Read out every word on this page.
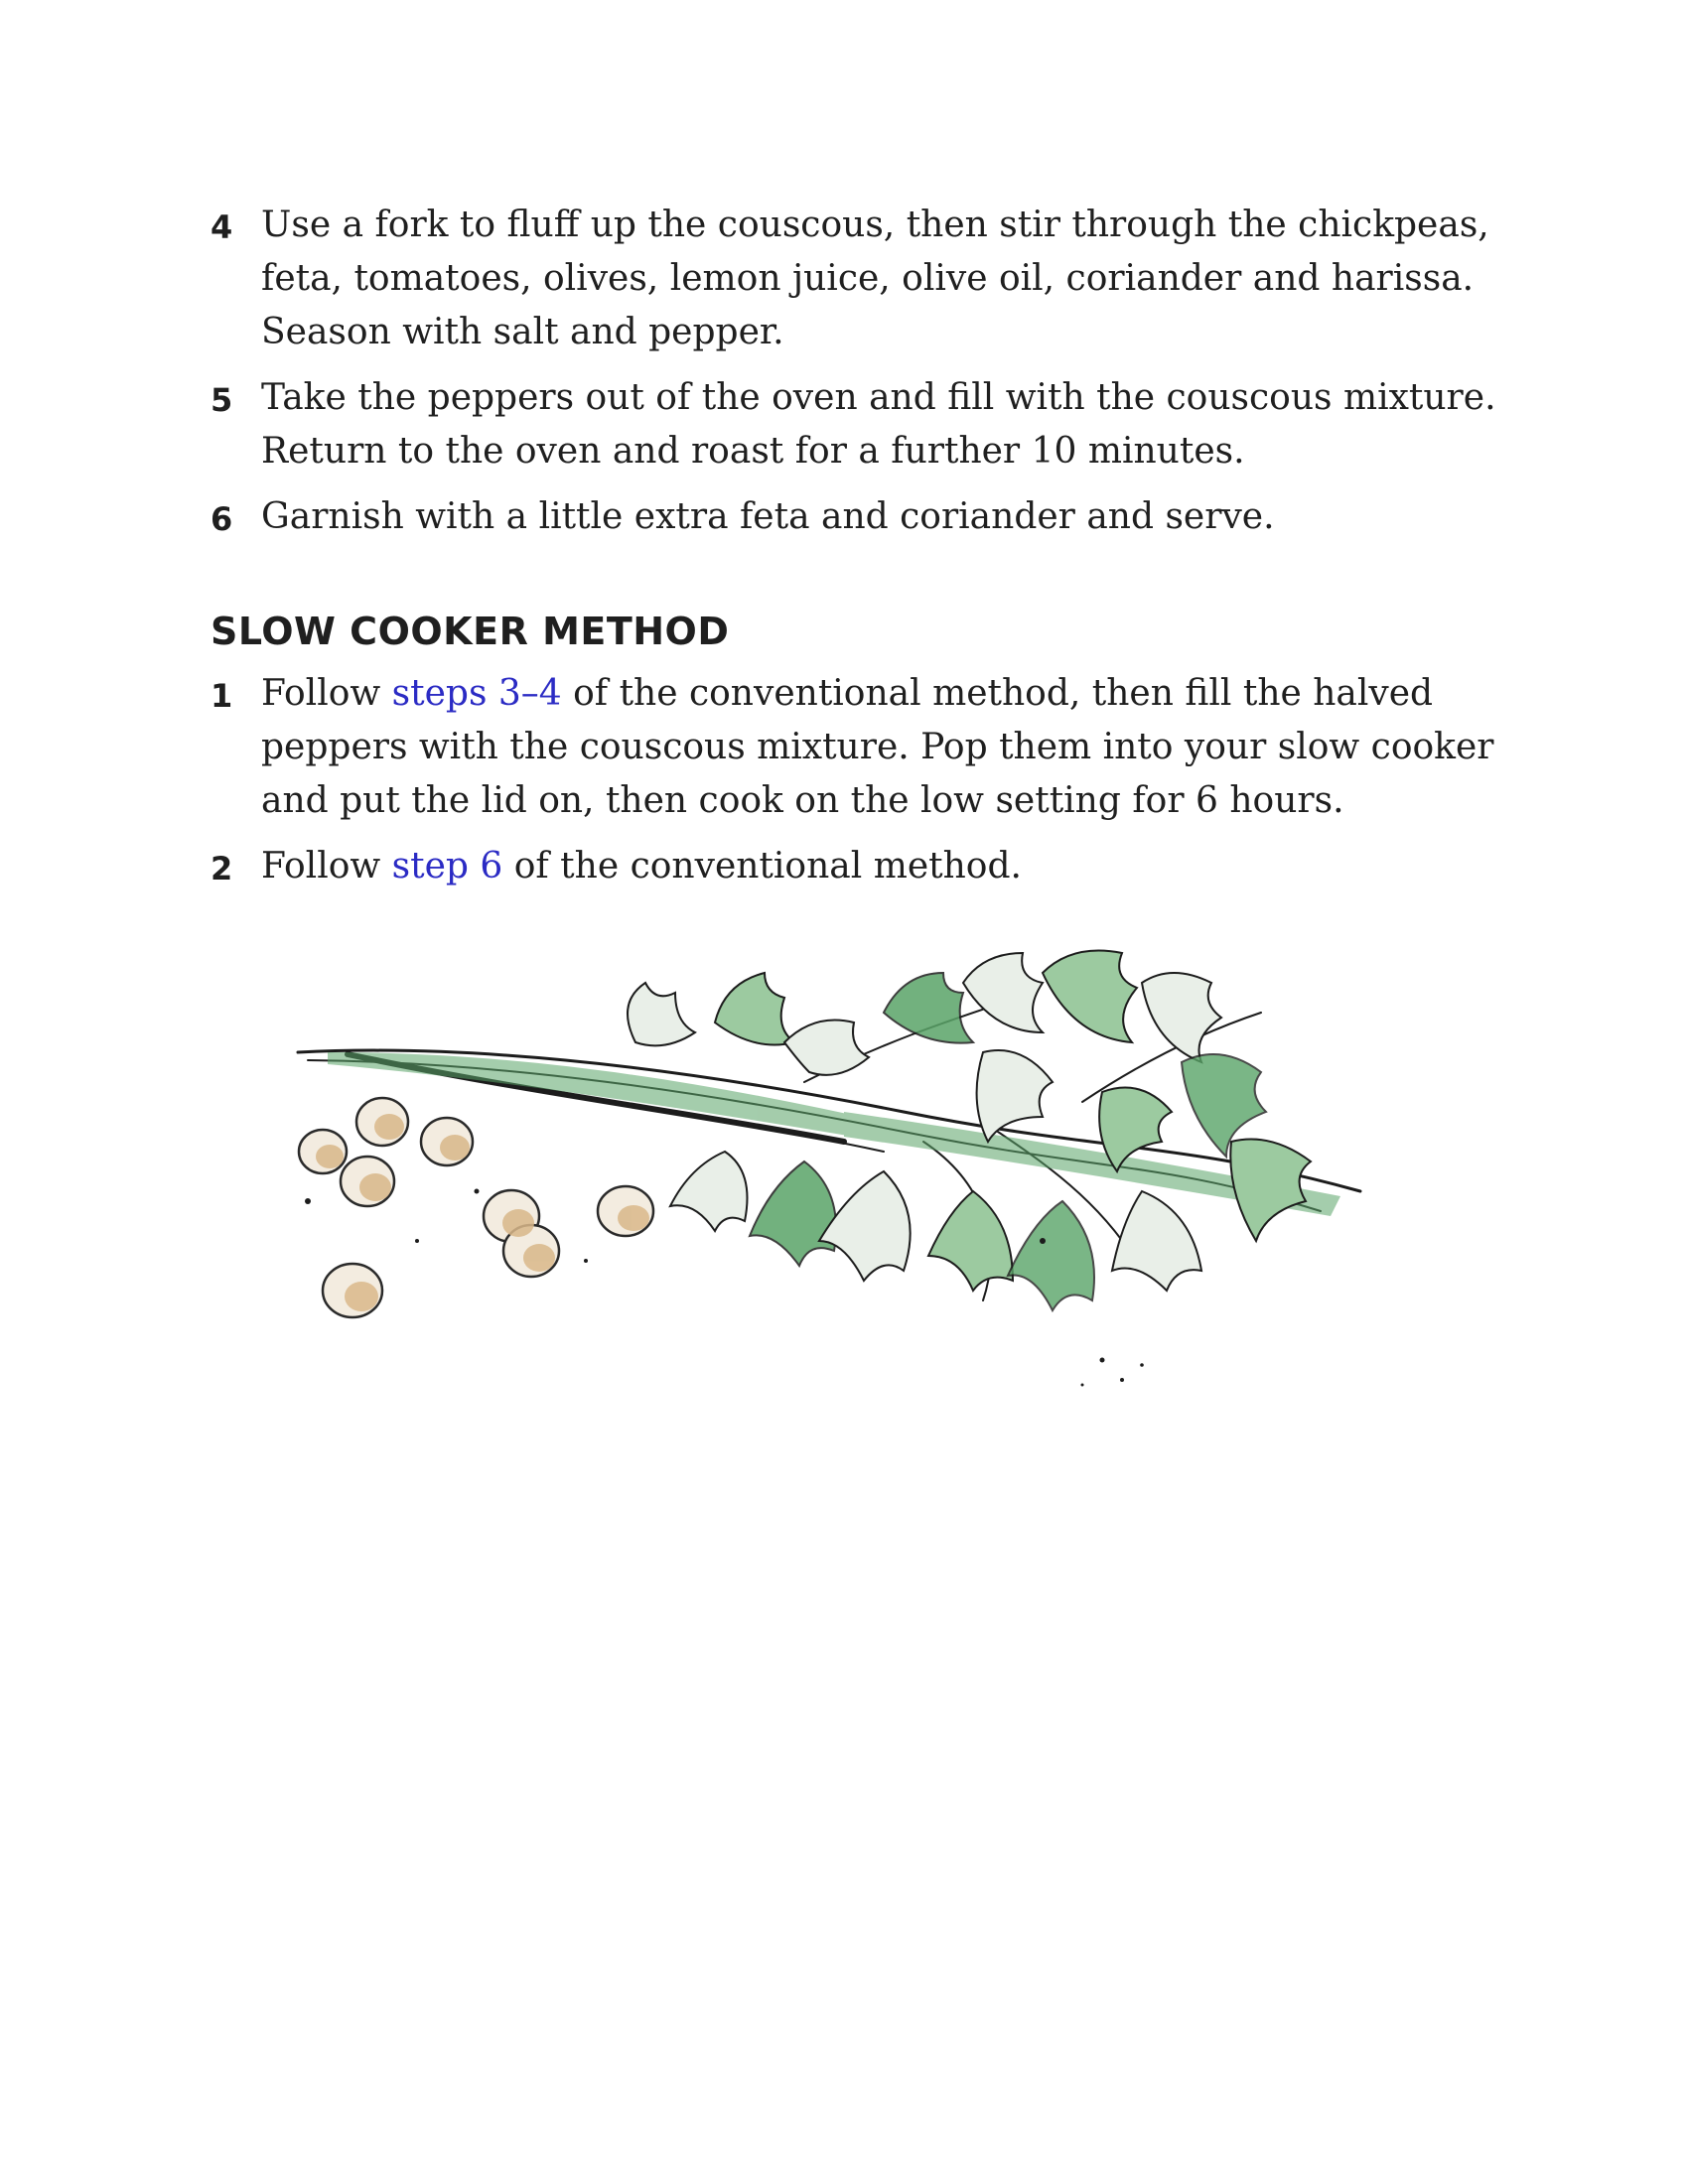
4 Use a fork to fluff up the couscous, then stir through the chickpeas, feta, tomatoes, olives, lemon juice, olive oil, coriander and harissa. Season with salt and pepper.
5 Take the peppers out of the oven and fill with the couscous mixture. Return to the oven and roast for a further 10 minutes.
6 Garnish with a little extra feta and coriander and serve.
SLOW COOKER METHOD
1 Follow steps 3–4 of the conventional method, then fill the halved peppers with the couscous mixture. Pop them into your slow cooker and put the lid on, then cook on the low setting for 6 hours.
2 Follow step 6 of the conventional method.
